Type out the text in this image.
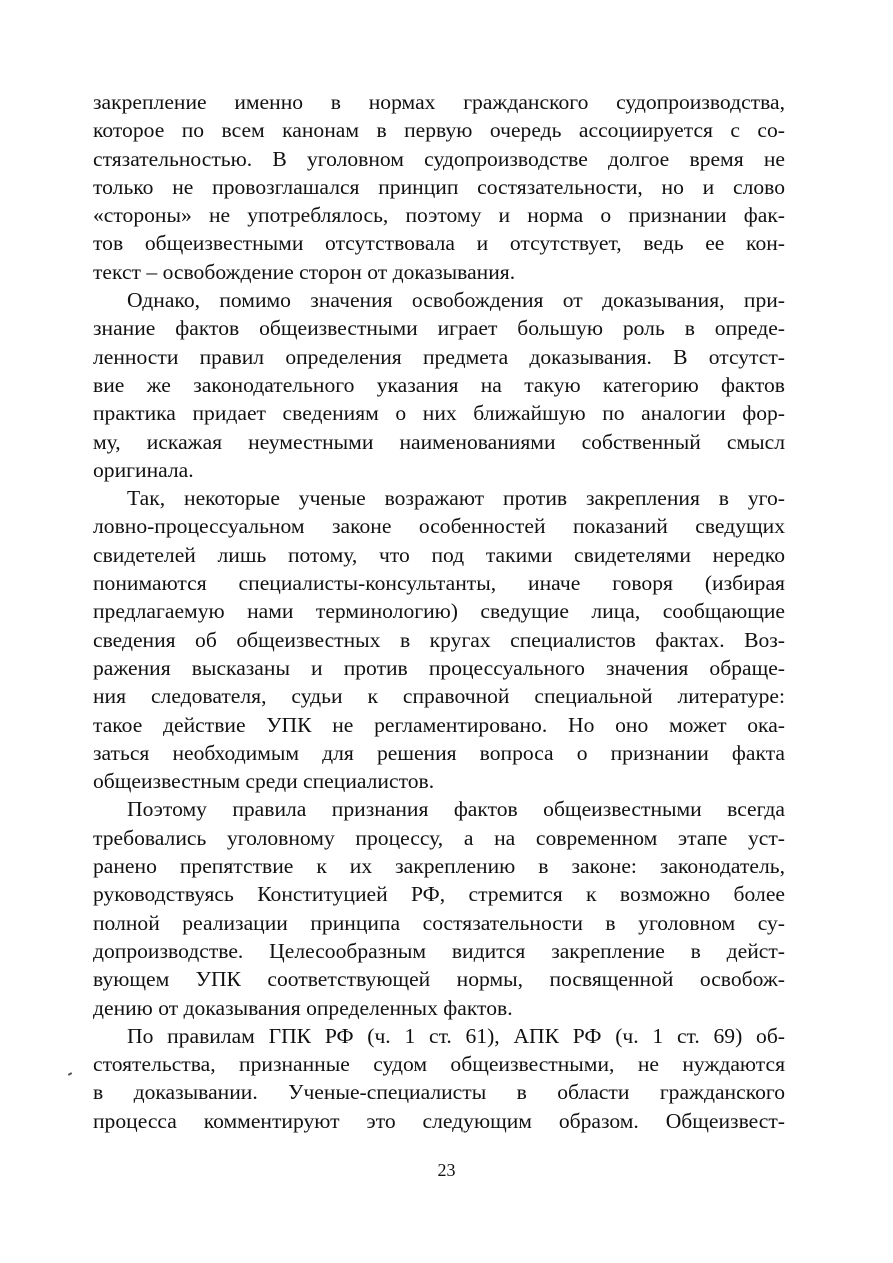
закрепление именно в нормах гражданского судопроизводства,
которое по всем канонам в первую очередь ассоциируется с со-
стязательностью. В уголовном судопроизводстве долгое время не
только не провозглашался принцип состязательности, но и слово
«стороны» не употреблялось, поэтому и норма о признании фак-
тов общеизвестными отсутствовала и отсутствует, ведь ее кон-
текст – освобождение сторон от доказывания.
Однако, помимо значения освобождения от доказывания, при-
знание фактов общеизвестными играет большую роль в опреде-
ленности правил определения предмета доказывания. В отсутст-
вие же законодательного указания на такую категорию фактов
практика придает сведениям о них ближайшую по аналогии фор-
му, искажая неуместными наименованиями собственный смысл
оригинала.
Так, некоторые ученые возражают против закрепления в уго-
ловно-процессуальном законе особенностей показаний сведущих
свидетелей лишь потому, что под такими свидетелями нередко
понимаются специалисты-консультанты, иначе говоря (избирая
предлагаемую нами терминологию) сведущие лица, сообщающие
сведения об общеизвестных в кругах специалистов фактах. Воз-
ражения высказаны и против процессуального значения обраще-
ния следователя, судьи к справочной специальной литературе:
такое действие УПК не регламентировано. Но оно может ока-
заться необходимым для решения вопроса о признании факта
общеизвестным среди специалистов.
Поэтому правила признания фактов общеизвестными всегда
требовались уголовному процессу, а на современном этапе уст-
ранено препятствие к их закреплению в законе: законодатель,
руководствуясь Конституцией РФ, стремится к возможно более
полной реализации принципа состязательности в уголовном су-
допроизводстве. Целесообразным видится закрепление в дейст-
вующем УПК соответствующей нормы, посвященной освобож-
дению от доказывания определенных фактов.
По правилам ГПК РФ (ч. 1 ст. 61), АПК РФ (ч. 1 ст. 69) об-
стоятельства, признанные судом общеизвестными, не нуждаются
в доказывании. Ученые-специалисты в области гражданского
процесса комментируют это следующим образом. Общеизвест-
23
